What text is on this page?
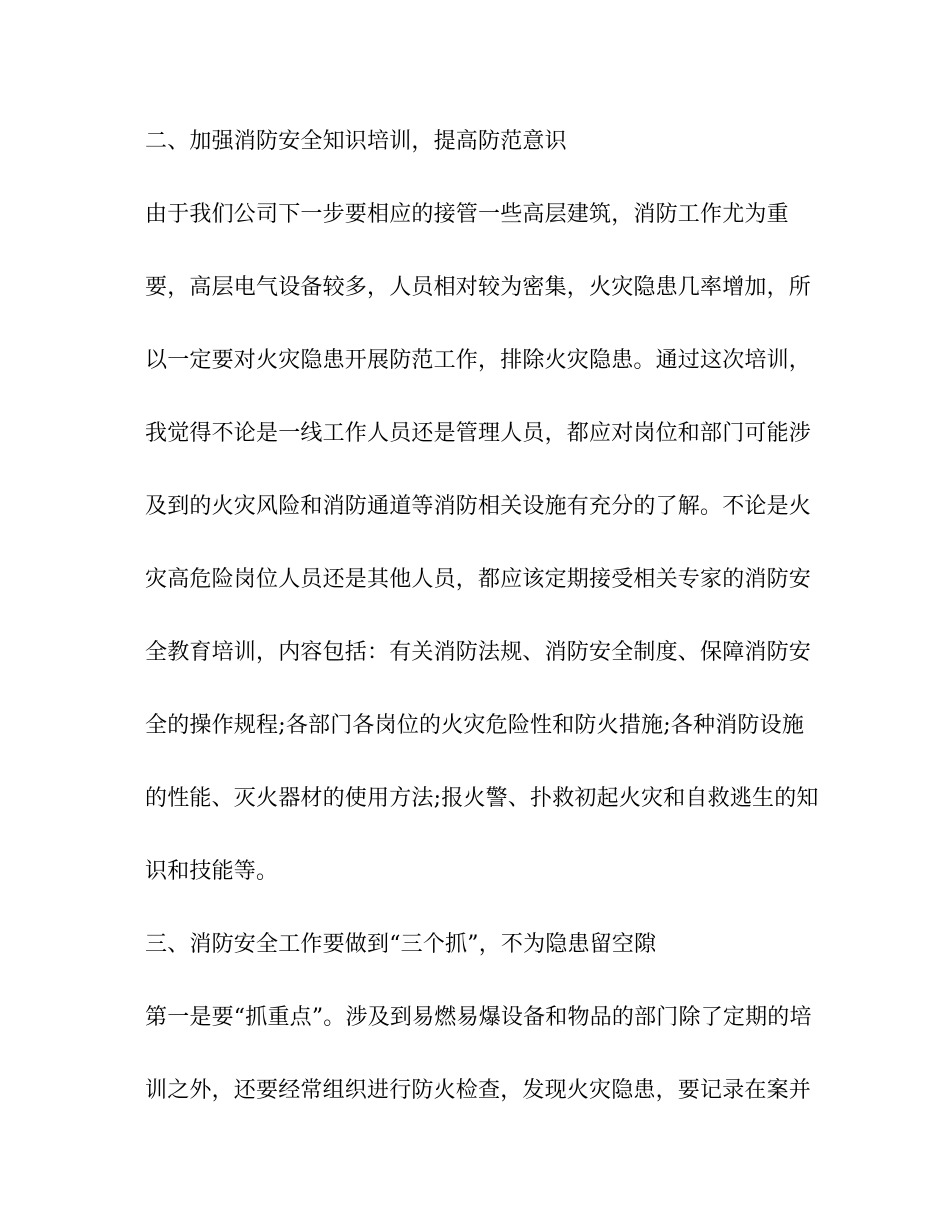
二、加强消防安全知识培训，提高防范意识
由于我们公司下一步要相应的接管一些高层建筑，消防工作尤为重
要，高层电气设备较多，人员相对较为密集，火灾隐患几率增加，所
以一定要对火灾隐患开展防范工作，排除火灾隐患。通过这次培训，
我觉得不论是一线工作人员还是管理人员，都应对岗位和部门可能涉
及到的火灾风险和消防通道等消防相关设施有充分的了解。不论是火
灾高危险岗位人员还是其他人员，都应该定期接受相关专家的消防安
全教育培训，内容包括：有关消防法规、消防安全制度、保障消防安
全的操作规程;各部门各岗位的火灾危险性和防火措施;各种消防设施
的性能、灭火器材的使用方法;报火警、扑救初起火灾和自救逃生的知
识和技能等。
三、消防安全工作要做到“三个抓”，不为隐患留空隙
第一是要“抓重点”。涉及到易燃易爆设备和物品的部门除了定期的培
训之外，还要经常组织进行防火检查，发现火灾隐患，要记录在案并
